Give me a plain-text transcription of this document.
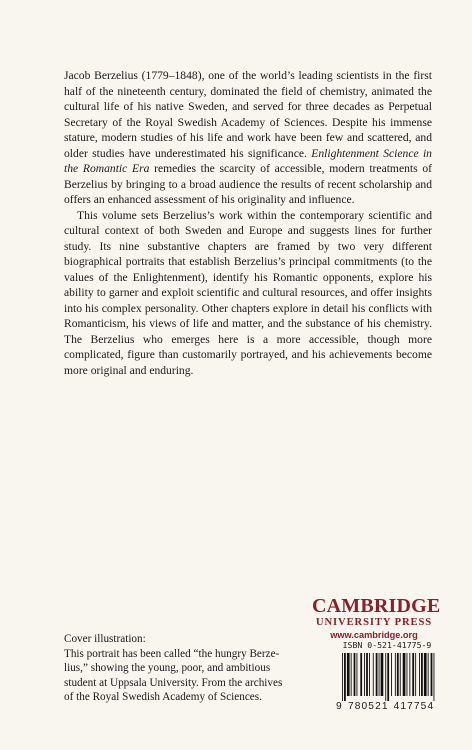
Jacob Berzelius (1779–1848), one of the world’s leading scientists in the first half of the nineteenth century, dominated the field of chemistry, animated the cultural life of his native Sweden, and served for three decades as Perpetual Secretary of the Royal Swedish Academy of Sciences. Despite his immense stature, modern studies of his life and work have been few and scattered, and older studies have underestimated his significance. Enlightenment Science in the Romantic Era remedies the scarcity of accessible, modern treatments of Berzelius by bringing to a broad audience the results of recent scholarship and offers an enhanced assessment of his originality and influence.

This volume sets Berzelius’s work within the contemporary scientific and cultural context of both Sweden and Europe and suggests lines for further study. Its nine substantive chapters are framed by two very different biographical portraits that establish Berzelius’s principal commitments (to the values of the Enlightenment), identify his Romantic opponents, explore his ability to garner and exploit scientific and cultural resources, and offer insights into his complex personality. Other chapters explore in detail his conflicts with Romanticism, his views of life and matter, and the substance of his chemistry. The Berzelius who emerges here is a more accessible, though more complicated, figure than customarily portrayed, and his achievements become more original and enduring.

Cover illustration:
This portrait has been called “the hungry Berze-
lius,” showing the young, poor, and ambitious
student at Uppsala University. From the archives
of the Royal Swedish Academy of Sciences.
CAMBRIDGE
UNIVERSITY PRESS
www.cambridge.org
ISBN 0-521-41775-9
9 780521 417754
